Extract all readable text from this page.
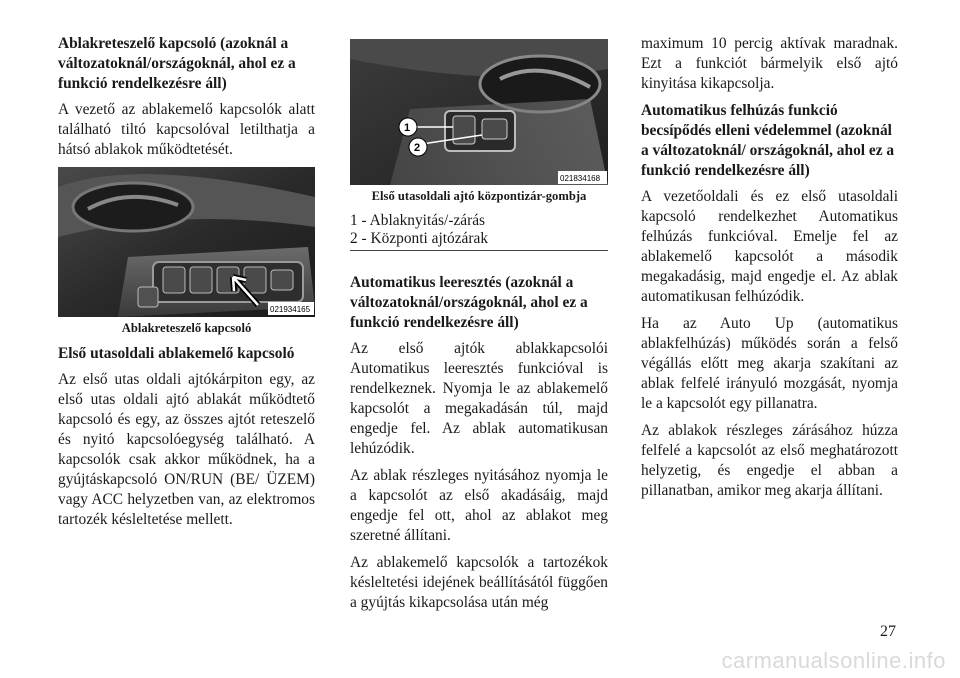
Ablakreteszelő kapcsoló (azoknál a változatoknál/országoknál, ahol ez a funkció rendelkezésre áll)

A vezető az ablakemelő kapcsolók alatt található tiltó kapcsolóval letilthatja a hátsó ablakok működtetését.

021934165

Ablakreteszelő kapcsoló

Első utasoldali ablakemelő kapcsoló

Az első utas oldali ajtókárpiton egy, az első utas oldali ajtó ablakát működtető kapcsoló és egy, az összes ajtót reteszelő és nyitó kapcsolóegység található. A kapcsolók csak akkor működnek, ha a gyújtáskapcsoló ON/RUN (BE/ ÜZEM) vagy ACC helyzetben van, az elektromos tartozék késleltetése mellett.

1
2
021834168

Első utasoldali ajtó központizár-gombja

1 - Ablaknyitás/-zárás
2 - Központi ajtózárak

Automatikus leeresztés (azoknál a változatoknál/országoknál, ahol ez a funkció rendelkezésre áll)

Az első ajtók ablakkapcsolói Automatikus leeresztés funkcióval is rendelkeznek. Nyomja le az ablakemelő kapcsolót a megakadásán túl, majd engedje fel. Az ablak automatikusan lehúzódik.

Az ablak részleges nyitásához nyomja le a kapcsolót az első akadásáig, majd engedje fel ott, ahol az ablakot meg szeretné állítani.

Az ablakemelő kapcsolók a tartozékok késleltetési idejének beállításától függően a gyújtás kikapcsolása után még

maximum 10 percig aktívak maradnak. Ezt a funkciót bármelyik első ajtó kinyitása kikapcsolja.

Automatikus felhúzás funkció becsípődés elleni védelemmel (azoknál a változatoknál/ országoknál, ahol ez a funkció rendelkezésre áll)

A vezetőoldali és ez első utasoldali kapcsoló rendelkezhet Automatikus felhúzás funkcióval. Emelje fel az ablakemelő kapcsolót a második megakadásig, majd engedje el. Az ablak automatikusan felhúzódik.

Ha az Auto Up (automatikus ablakfelhúzás) működés során a felső végállás előtt meg akarja szakítani az ablak felfelé irányuló mozgását, nyomja le a kapcsolót egy pillanatra.

Az ablakok részleges zárásához húzza felfelé a kapcsolót az első meghatározott helyzetig, és engedje el abban a pillanatban, amikor meg akarja állítani.

27
carmanualsonline.info
